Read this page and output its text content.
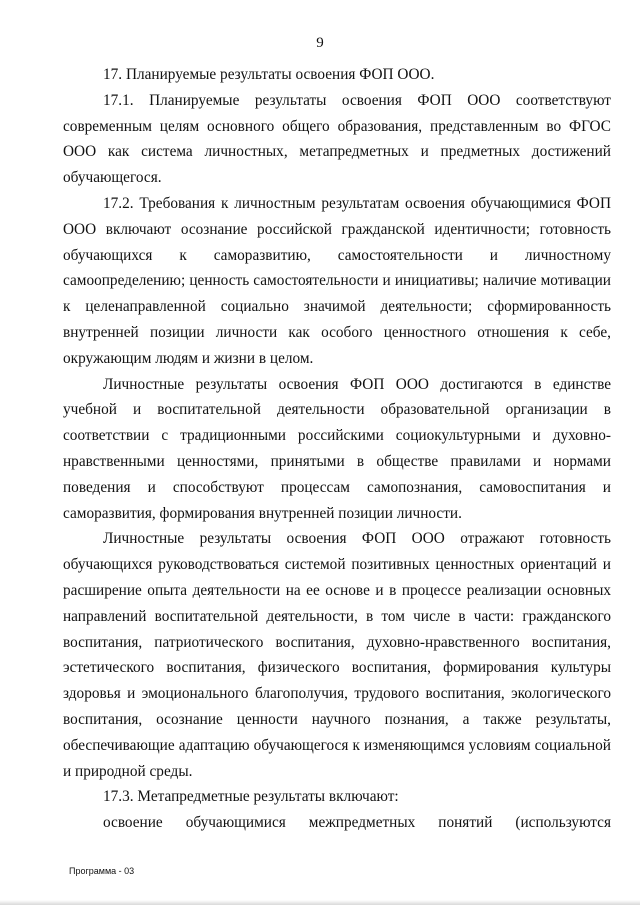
9

17. Планируемые результаты освоения ФОП ООО.

17.1. Планируемые результаты освоения ФОП ООО соответствуют современным целям основного общего образования, представленным во ФГОС ООО как система личностных, метапредметных и предметных достижений обучающегося.

17.2. Требования к личностным результатам освоения обучающимися ФОП ООО включают осознание российской гражданской идентичности; готовность обучающихся к саморазвитию, самостоятельности и личностному самоопределению; ценность самостоятельности и инициативы; наличие мотивации к целенаправленной социально значимой деятельности; сформированность внутренней позиции личности как особого ценностного отношения к себе, окружающим людям и жизни в целом.

Личностные результаты освоения ФОП ООО достигаются в единстве учебной и воспитательной деятельности образовательной организации в соответствии с традиционными российскими социокультурными и духовно-нравственными ценностями, принятыми в обществе правилами и нормами поведения и способствуют процессам самопознания, самовоспитания и саморазвития, формирования внутренней позиции личности.

Личностные результаты освоения ФОП ООО отражают готовность обучающихся руководствоваться системой позитивных ценностных ориентаций и расширение опыта деятельности на ее основе и в процессе реализации основных направлений воспитательной деятельности, в том числе в части: гражданского воспитания, патриотического воспитания, духовно-нравственного воспитания, эстетического воспитания, физического воспитания, формирования культуры здоровья и эмоционального благополучия, трудового воспитания, экологического воспитания, осознание ценности научного познания, а также результаты, обеспечивающие адаптацию обучающегося к изменяющимся условиям социальной и природной среды.

17.3. Метапредметные результаты включают:

освоение обучающимися межпредметных понятий (используются

Программа - 03
